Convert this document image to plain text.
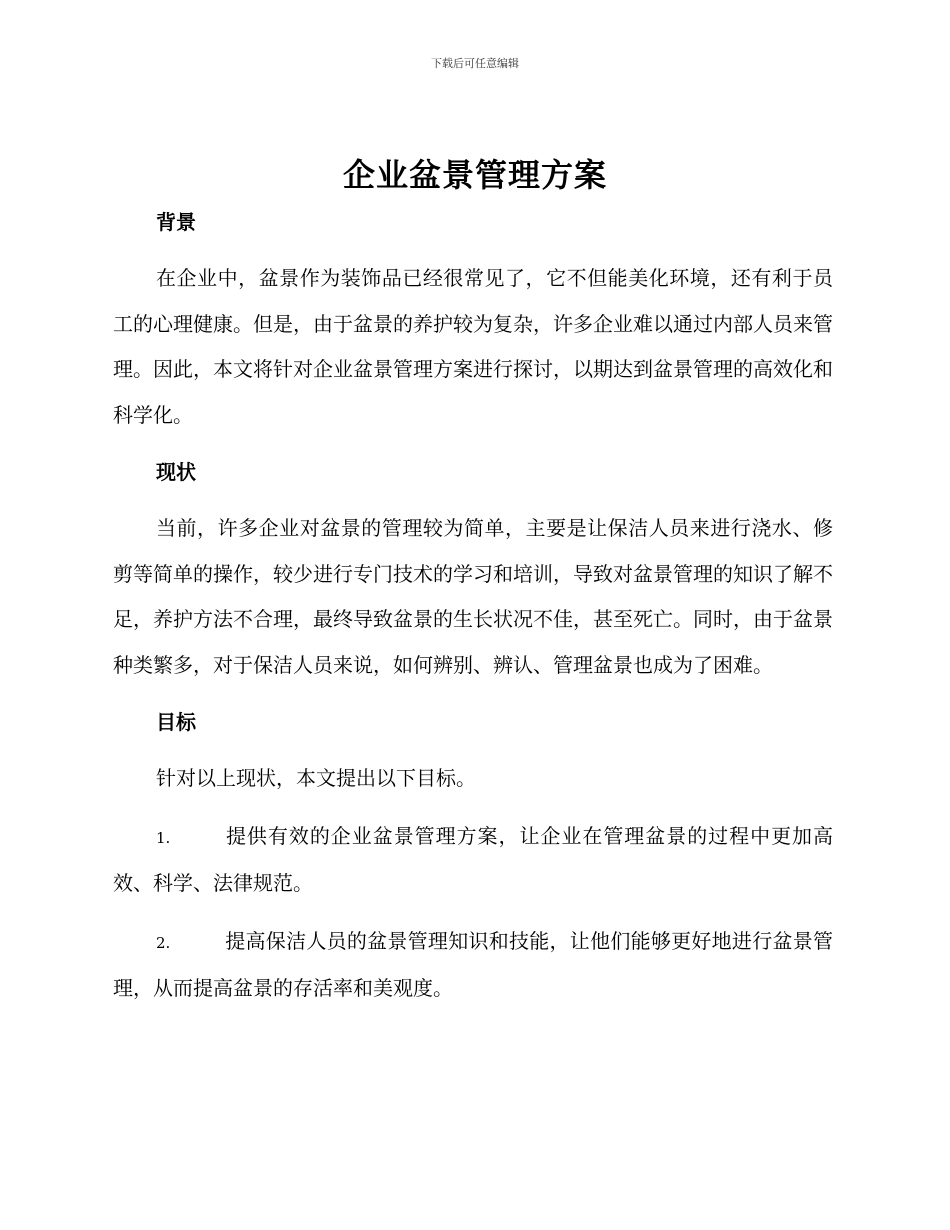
下载后可任意编辑
企业盆景管理方案
背景

在企业中，盆景作为装饰品已经很常见了，它不但能美化环境，还有利于员工的心理健康。但是，由于盆景的养护较为复杂，许多企业难以通过内部人员来管理。因此，本文将针对企业盆景管理方案进行探讨，以期达到盆景管理的高效化和科学化。

现状

当前，许多企业对盆景的管理较为简单，主要是让保洁人员来进行浇水、修剪等简单的操作，较少进行专门技术的学习和培训，导致对盆景管理的知识了解不足，养护方法不合理，最终导致盆景的生长状况不佳，甚至死亡。同时，由于盆景种类繁多，对于保洁人员来说，如何辨别、辨认、管理盆景也成为了困难。

目标

针对以上现状，本文提出以下目标。

1.	提供有效的企业盆景管理方案，让企业在管理盆景的过程中更加高效、科学、法律规范。

2.	提高保洁人员的盆景管理知识和技能，让他们能够更好地进行盆景管理，从而提高盆景的存活率和美观度。
